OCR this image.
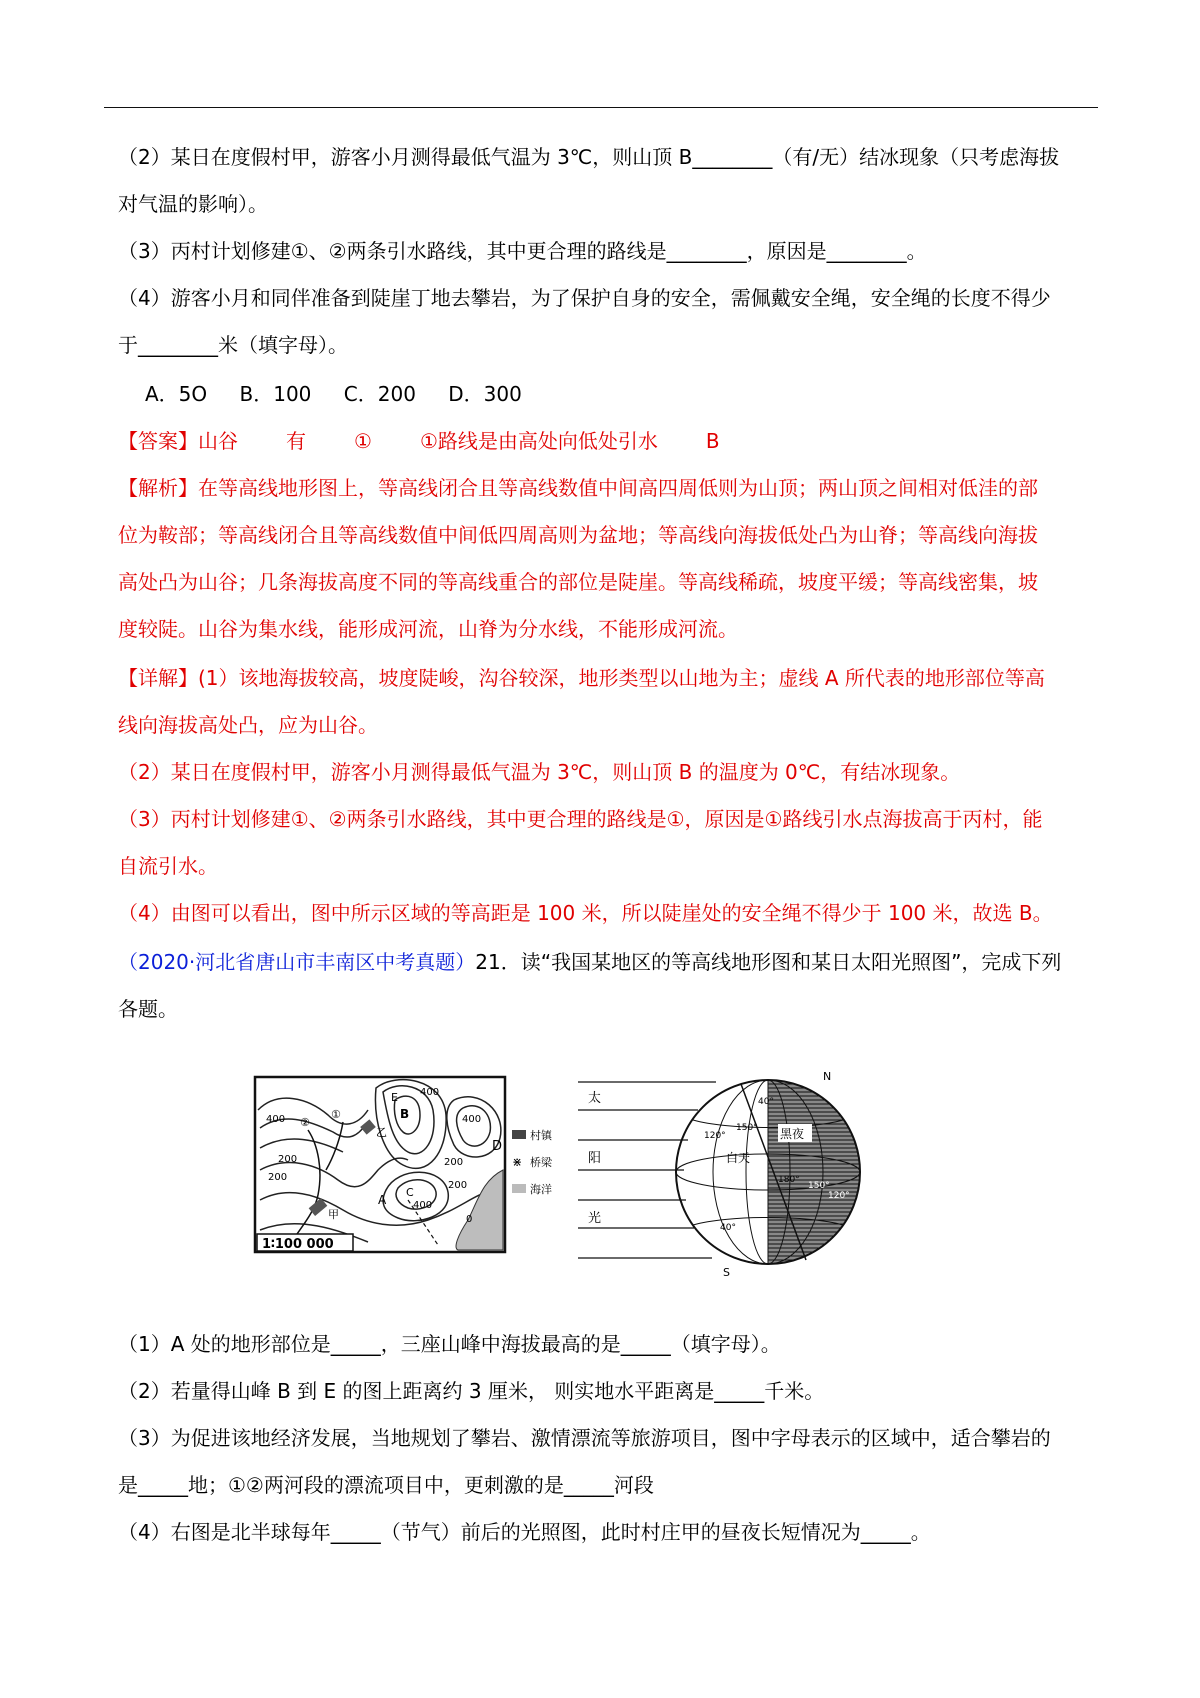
（2）某日在度假村甲，游客小月测得最低气温为 3℃，则山顶 B________（有/无）结冰现象（只考虑海拔
对气温的影响）。
（3）丙村计划修建①、②两条引水路线，其中更合理的路线是________，原因是________。
（4）游客小月和同伴准备到陡崖丁地去攀岩，为了保护自身的安全，需佩戴安全绳，安全绳的长度不得少
于________米（填字母）。
A．5O B．100 C．200 D．300
【答案】山谷 有 ① ①路线是由高处向低处引水 B
【解析】在等高线地形图上，等高线闭合且等高线数值中间高四周低则为山顶；两山顶之间相对低洼的部
位为鞍部；等高线闭合且等高线数值中间低四周高则为盆地；等高线向海拔低处凸为山脊；等高线向海拔
高处凸为山谷；几条海拔高度不同的等高线重合的部位是陡崖。等高线稀疏，坡度平缓；等高线密集，坡
度较陡。山谷为集水线，能形成河流，山脊为分水线，不能形成河流。
【详解】(1）该地海拔较高，坡度陡峻，沟谷较深，地形类型以山地为主；虚线 A 所代表的地形部位等高
线向海拔高处凸，应为山谷。
（2）某日在度假村甲，游客小月测得最低气温为 3℃，则山顶 B 的温度为 0℃，有结冰现象。
（3）丙村计划修建①、②两条引水路线，其中更合理的路线是①，原因是①路线引水点海拔高于丙村，能
自流引水。
（4）由图可以看出，图中所示区域的等高距是 100 米，所以陡崖处的安全绳不得少于 100 米，故选 B。
（2020·河北省唐山市丰南区中考真题）21．读“我国某地区的等高线地形图和某日太阳光照图”，完成下列
各题。
E
B
C
D
A
乙
甲
①
②
400
400
200
400
400
200
200
200
0
1∶100 000
村镇
⋇ 桥梁
海洋
太
阳
光
白天
黑夜
N
S
40°
120°
150°
180°
150°
120°
40°
（1）A 处的地形部位是_____，三座山峰中海拔最高的是_____（填字母）。
（2）若量得山峰 B 到 E 的图上距离约 3 厘米， 则实地水平距离是_____千米。
（3）为促进该地经济发展，当地规划了攀岩、激情漂流等旅游项目，图中字母表示的区域中，适合攀岩的
是_____地；①②两河段的漂流项目中，更刺激的是_____河段
（4）右图是北半球每年_____（节气）前后的光照图，此时村庄甲的昼夜长短情况为_____。
